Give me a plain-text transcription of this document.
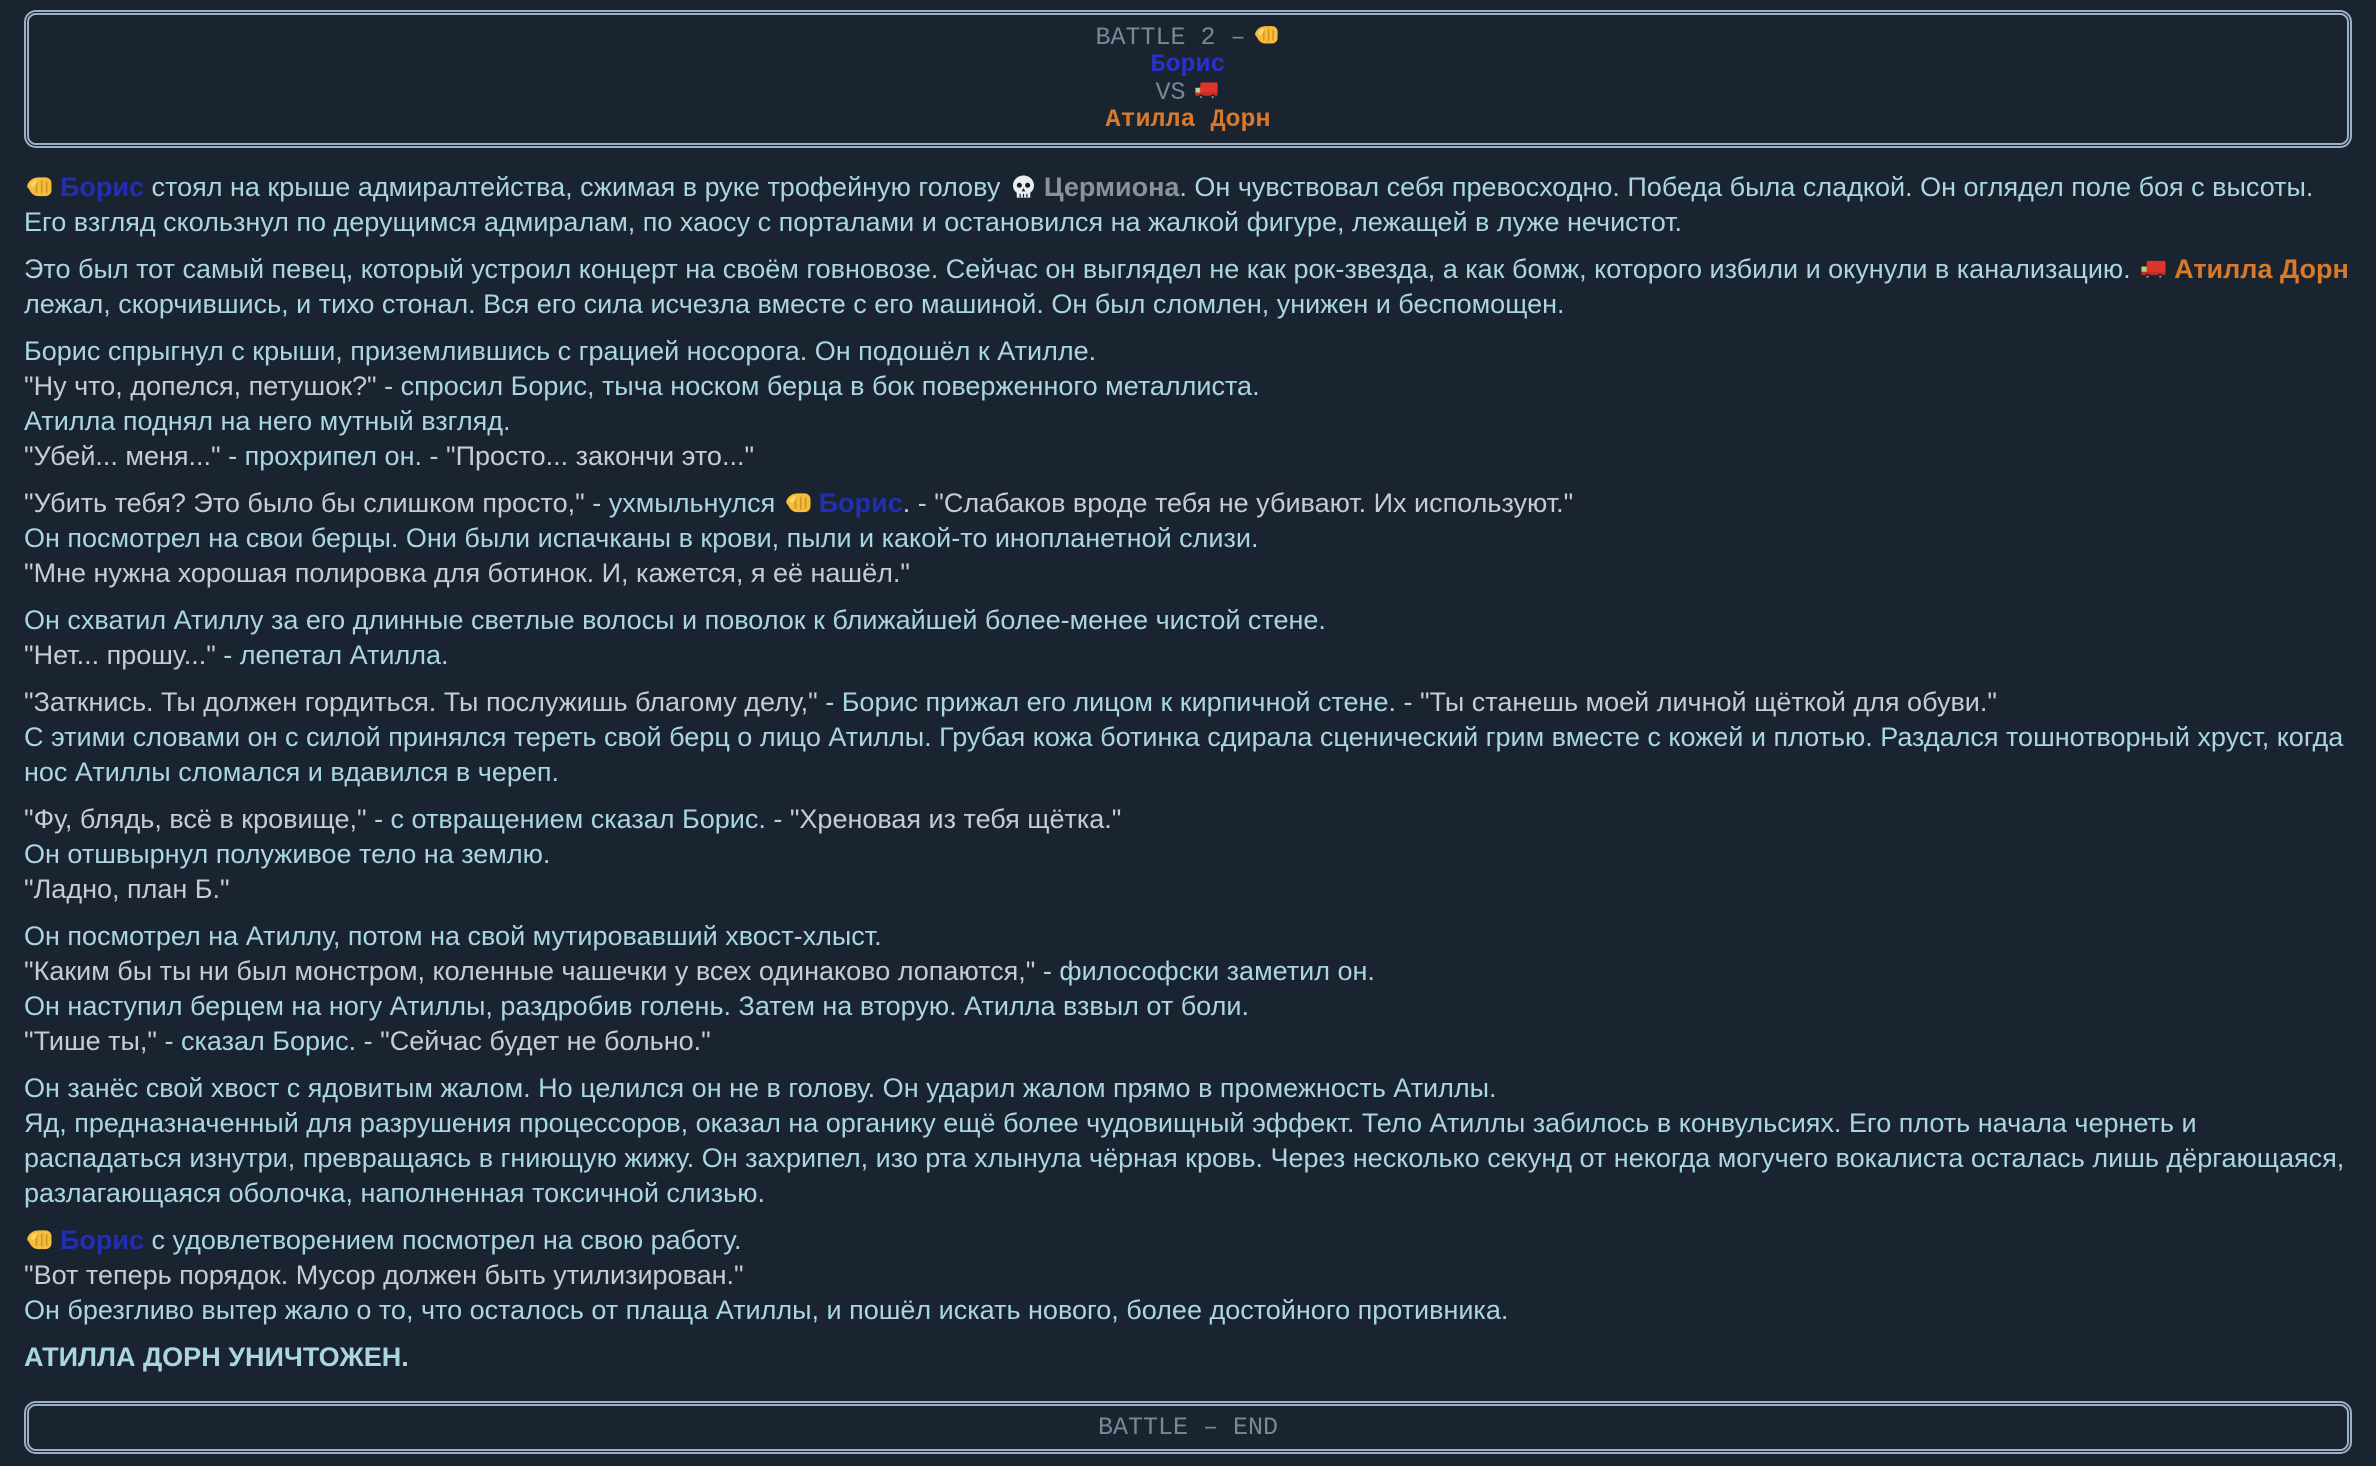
BATTLE 2 –
Борис
VS
Атилла Дорн
Борис стоял на крыше адмиралтейства, сжимая в руке трофейную голову Цермиона. Он чувствовал себя превосходно. Победа была сладкой. Он оглядел поле боя с высоты. Его взгляд скользнул по дерущимся адмиралам, по хаосу с порталами и остановился на жалкой фигуре, лежащей в луже нечистот.
Это был тот самый певец, который устроил концерт на своём говновозе. Сейчас он выглядел не как рок-звезда, а как бомж, которого избили и окунули в канализацию. Атилла Дорн лежал, скорчившись, и тихо стонал. Вся его сила исчезла вместе с его машиной. Он был сломлен, унижен и беспомощен.
Борис спрыгнул с крыши, приземлившись с грацией носорога. Он подошёл к Атилле.
"Ну что, допелся, петушок?" - спросил Борис, тыча носком берца в бок поверженного металлиста.
Атилла поднял на него мутный взгляд.
"Убей... меня..." - прохрипел он. - "Просто... закончи это..."
"Убить тебя? Это было бы слишком просто," - ухмыльнулся Борис. - "Слабаков вроде тебя не убивают. Их используют."
Он посмотрел на свои берцы. Они были испачканы в крови, пыли и какой-то инопланетной слизи.
"Мне нужна хорошая полировка для ботинок. И, кажется, я её нашёл."
Он схватил Атиллу за его длинные светлые волосы и поволок к ближайшей более-менее чистой стене.
"Нет... прошу..." - лепетал Атилла.
"Заткнись. Ты должен гордиться. Ты послужишь благому делу," - Борис прижал его лицом к кирпичной стене. - "Ты станешь моей личной щёткой для обуви."
С этими словами он с силой принялся тереть свой берц о лицо Атиллы. Грубая кожа ботинка сдирала сценический грим вместе с кожей и плотью. Раздался тошнотворный хруст, когда нос Атиллы сломался и вдавился в череп.
"Фу, блядь, всё в кровище," - с отвращением сказал Борис. - "Хреновая из тебя щётка."
Он отшвырнул полуживое тело на землю.
"Ладно, план Б."
Он посмотрел на Атиллу, потом на свой мутировавший хвост-хлыст.
"Каким бы ты ни был монстром, коленные чашечки у всех одинаково лопаются," - философски заметил он.
Он наступил берцем на ногу Атиллы, раздробив голень. Затем на вторую. Атилла взвыл от боли.
"Тише ты," - сказал Борис. - "Сейчас будет не больно."
Он занёс свой хвост с ядовитым жалом. Но целился он не в голову. Он ударил жалом прямо в промежность Атиллы.
Яд, предназначенный для разрушения процессоров, оказал на органику ещё более чудовищный эффект. Тело Атиллы забилось в конвульсиях. Его плоть начала чернеть и распадаться изнутри, превращаясь в гниющую жижу. Он захрипел, изо рта хлынула чёрная кровь. Через несколько секунд от некогда могучего вокалиста осталась лишь дёргающаяся, разлагающаяся оболочка, наполненная токсичной слизью.
Борис с удовлетворением посмотрел на свою работу.
"Вот теперь порядок. Мусор должен быть утилизирован."
Он брезгливо вытер жало о то, что осталось от плаща Атиллы, и пошёл искать нового, более достойного противника.
АТИЛЛА ДОРН УНИЧТОЖЕН.
BATTLE – END
